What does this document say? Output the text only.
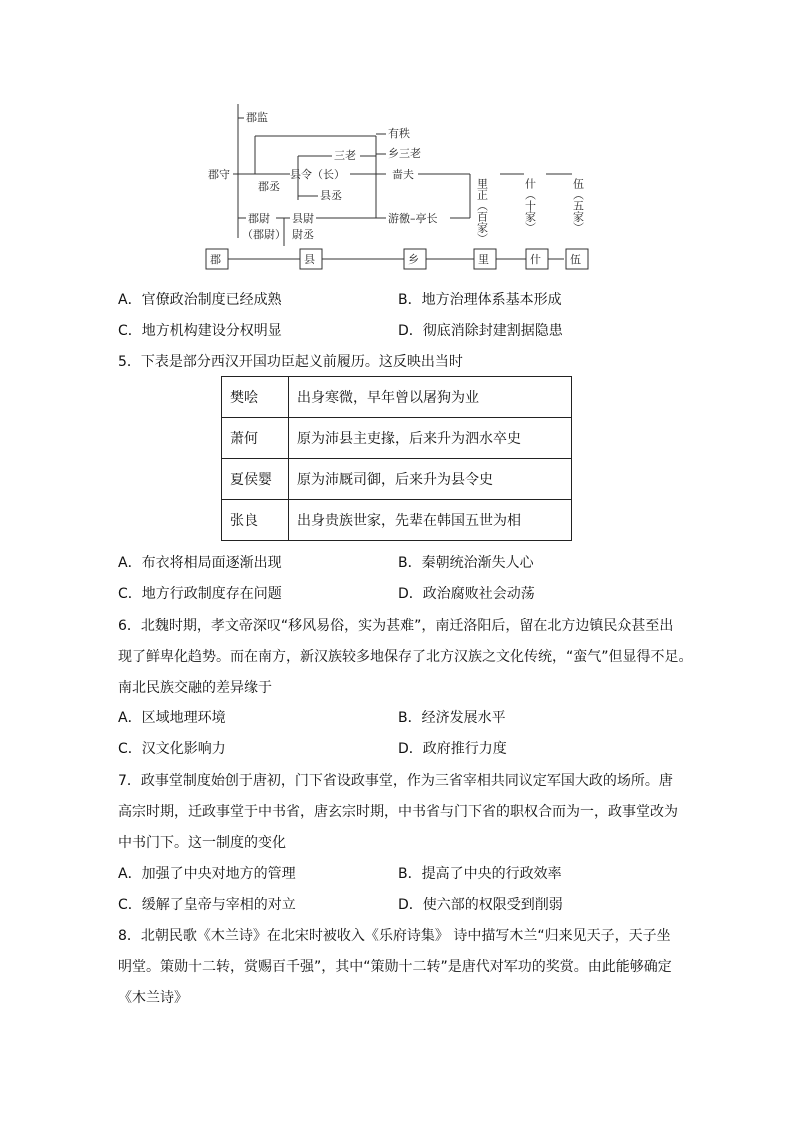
郡监
郡守
郡丞
县令（长）
三老
县丞
有秩
乡三老
啬夫
游徼–亭长
郡尉
（郡尉）
县尉
尉丞	里正（百家）	什（十家）	伍（五家）
郡	县	乡	里	什	伍
A．官僚政治制度已经成熟	B．地方治理体系基本形成
C．地方机构建设分权明显	D．彻底消除封建割据隐患
5．下表是部分西汉开国功臣起义前履历。这反映出当时
樊哙	出身寒微，早年曾以屠狗为业
萧何	原为沛县主吏掾，后来升为泗水卒史
夏侯婴	原为沛厩司御，后来升为县令史
张良	出身贵族世家，先辈在韩国五世为相
A．布衣将相局面逐渐出现	B．秦朝统治渐失人心
C．地方行政制度存在问题	D．政治腐败社会动荡
6．北魏时期，孝文帝深叹“移风易俗，实为甚难”，南迁洛阳后，留在北方边镇民众甚至出
现了鲜卑化趋势。而在南方，新汉族较多地保存了北方汉族之文化传统，“蛮气”但显得不足。
南北民族交融的差异缘于
A．区域地理环境	B．经济发展水平
C．汉文化影响力	D．政府推行力度
7．政事堂制度始创于唐初，门下省设政事堂，作为三省宰相共同议定军国大政的场所。唐
高宗时期，迁政事堂于中书省，唐玄宗时期，中书省与门下省的职权合而为一，政事堂改为
中书门下。这一制度的变化
A．加强了中央对地方的管理	B．提高了中央的行政效率
C．缓解了皇帝与宰相的对立	D．使六部的权限受到削弱
8．北朝民歌《木兰诗》在北宋时被收入《乐府诗集》 诗中描写木兰“归来见天子，天子坐
明堂。策勋十二转，赏赐百千强”，其中“策勋十二转”是唐代对军功的奖赏。由此能够确定
《木兰诗》
